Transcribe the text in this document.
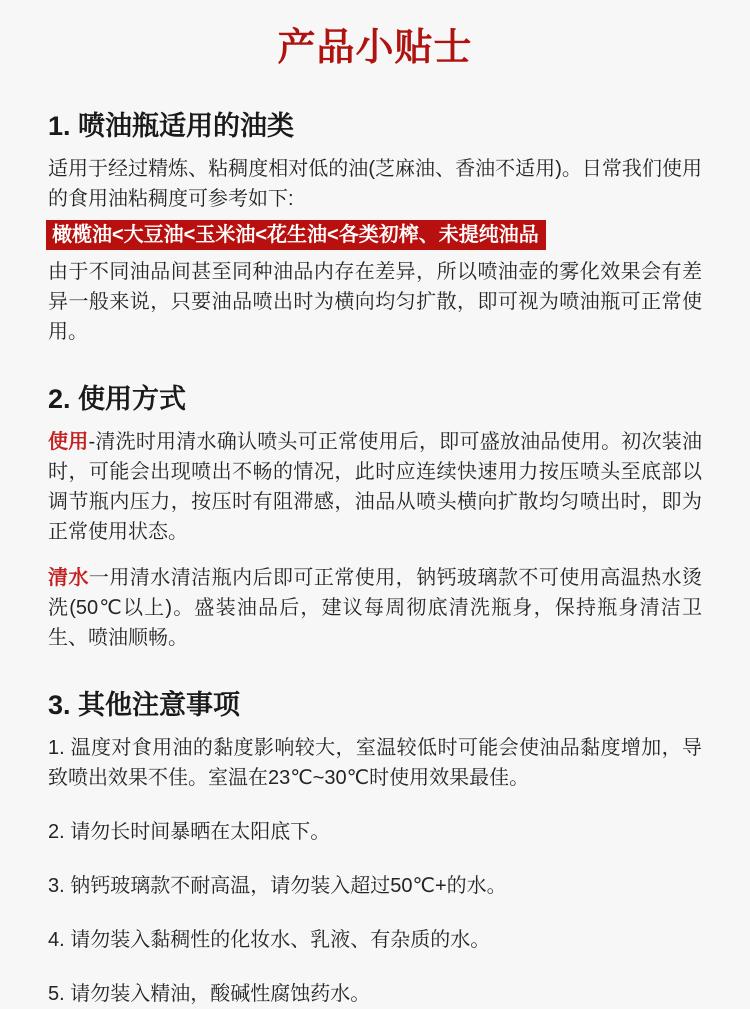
产品小贴士
1. 喷油瓶适用的油类

适用于经过精炼、粘稠度相对低的油(芝麻油、香油不适用)。日常我们使用的食用油粘稠度可参考如下:

橄榄油<大豆油<玉米油<花生油<各类初榨、未提纯油品

由于不同油品间甚至同种油品内存在差异，所以喷油壶的雾化效果会有差异一般来说，只要油品喷出时为横向均匀扩散，即可视为喷油瓶可正常使用。

2. 使用方式

使用-清洗时用清水确认喷头可正常使用后，即可盛放油品使用。初次装油时，可能会出现喷出不畅的情况，此时应连续快速用力按压喷头至底部以调节瓶内压力，按压时有阻滞感，油品从喷头横向扩散均匀喷出时，即为正常使用状态。

清水一用清水清洁瓶内后即可正常使用，钠钙玻璃款不可使用高温热水烫洗(50℃以上)。盛装油品后，建议每周彻底清洗瓶身，保持瓶身清洁卫生、喷油顺畅。

3. 其他注意事项

1. 温度对食用油的黏度影响较大，室温较低时可能会使油品黏度增加，导致喷出效果不佳。室温在23℃~30℃时使用效果最佳。

2. 请勿长时间暴晒在太阳底下。

3. 钠钙玻璃款不耐高温，请勿装入超过50℃+的水。

4. 请勿装入黏稠性的化妆水、乳液、有杂质的水。

5. 请勿装入精油，酸碱性腐蚀药水。
